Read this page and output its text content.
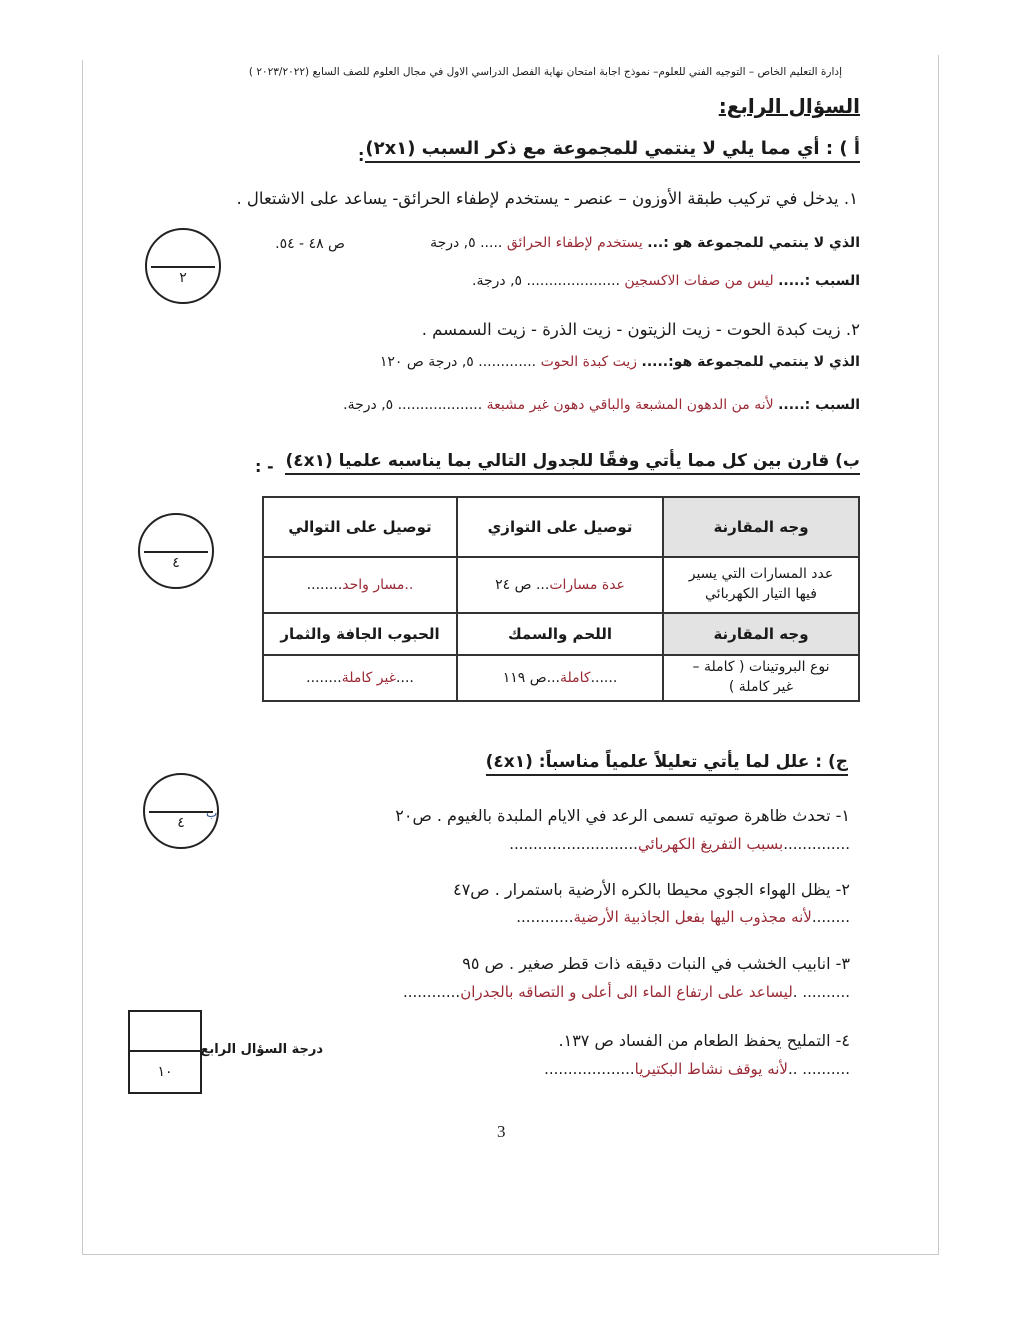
إدارة التعليم الخاص – التوجيه الفني للعلوم– نموذج اجابة امتحان نهاية الفصل الدراسي الاول في مجال العلوم للصف السابع (٢٠٢٣/٢٠٢٢ )
السؤال الرابع:
أ ) : أي مما يلي لا ينتمي للمجموعة مع ذكر السبب (٢x١)
:
١. يدخل في تركيب طبقة الأوزون – عنصر - يستخدم لإطفاء الحرائق- يساعد على الاشتعال .
الذي لا ينتمي للمجموعة هو :... يستخدم لإطفاء الحرائق ..... ٥, درجة
ص ٤٨ - ٥٤.
السبب :..... ليس من صفات الاكسجين ..................... ٥, درجة.
٢
٢. زيت كبدة الحوت - زيت الزيتون - زيت الذرة - زيت السمسم .
الذي لا ينتمي للمجموعة هو:..... زيت كبدة الحوت ............. ٥, درجة ص ١٢٠
السبب :..... لأنه من الدهون المشبعة والباقي دهون غير مشبعة ................... ٥, درجة.
ب) قارن بين كل مما يأتي وفقًا للجدول التالي بما يناسبه علميا (٤x١)
: -
وجه المقارنة	توصيل على التوازي	توصيل على التوالي
عدد المسارات التي يسير فيها التيار الكهربائي	عدة مسارات... ص ٢٤	..مسار واحد........
وجه المقارنة	اللحم والسمك	الحبوب الجافة والثمار
نوع البروتينات ( كاملة – غير كاملة )	......كاملة...ص ١١٩	....غير كاملة........
٤
ج) : علل لما يأتي تعليلاً علمياً مناسباً: (٤x١)
٤
ب	١- تحدث ظاهرة صوتيه تسمى الرعد في الايام الملبدة بالغيوم . ص٢٠
..............بسبب التفريغ الكهربائي...........................
٢- يظل الهواء الجوي محيطا بالكره الأرضية باستمرار . ص٤٧
........لأنه مجذوب اليها بفعل الجاذبية الأرضية............
٣- انابيب الخشب في النبات دقيقه ذات قطر صغير . ص ٩٥
.......... .ليساعد على ارتفاع الماء الى أعلى و التصاقه بالجدران............
٤- التمليح يحفظ الطعام من الفساد ص ١٣٧.
.......... ..لأنه يوقف نشاط البكتيريا...................
١٠
درجة السؤال الرابع
3
